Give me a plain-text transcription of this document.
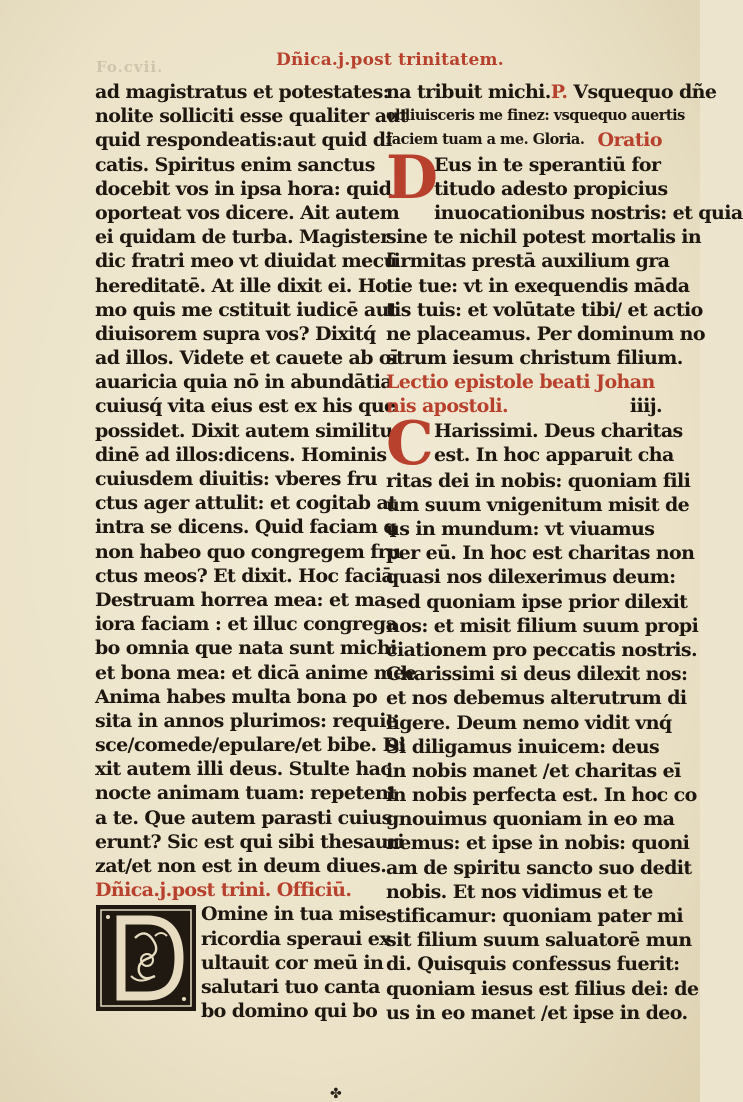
Fo.cvii.	Dñica.j.post trinitatem.
ad magistratus et potestates:
nolite solliciti esse qualiter aut
quid respondeatis:aut quid di
catis. Spiritus enim sanctus
docebit vos in ipsa hora: quid
oporteat vos dicere. Ait autem
ei quidam de turba. Magister
dic fratri meo vt diuidat mecū
hereditatē. At ille dixit ei. Ho
mo quis me cstituit iudicē aut
diuisorem supra vos? Dixitq́
ad illos. Videte et cauete ab oī
auaricia quia nō in abundātia
cuiusq́ vita eius est ex his que
possidet. Dixit autem similitu
dinē ad illos:dicens. Hominis
cuiusdem diuitis: vberes fru
ctus ager attulit: et cogitab at
intra se dicens. Quid faciam q
non habeo quo congregem fru
ctus meos? Et dixit. Hoc faciā
Destruam horrea mea: et ma
iora faciam : et illuc congrega
bo omnia que nata sunt michi
et bona mea: et dicā anime mee
Anima habes multa bona po
sita in annos plurimos: requie
sce/comede/epulare/et bibe. Di
xit autem illi deus. Stulte hac
nocte animam tuam: repetent
a te. Que autem parasti cuius
erunt? Sic est qui sibi thesauri
zat/et non est in deum diues.
Dñica.j.post trini. Officiū.
Omine in tua mise
ricordia speraui ex
ultauit cor meū in
salutari tuo canta
bo domino qui bo
na tribuit michi.P. Vsquequo dñe
obliuisceris me finez: vsquequo auertis
faciem tuam a me. Gloria. Oratio
D
Eus in te sperantiū for
titudo adesto propicius
inuocationibus nostris: et quia
sine te nichil potest mortalis in
firmitas prestā auxilium gra
tie tue: vt in exequendis māda
tis tuis: et volūtate tibi/ et actio
ne placeamus. Per dominum no
strum iesum christum filium.
Lectio epistole beati Johan
nis apostoli.	iiij.
C Harissimi. Deus charitas
est. In hoc apparuit cha
ritas dei in nobis: quoniam fili
um suum vnigenitum misit de
us in mundum: vt viuamus
per eū. In hoc est charitas non
quasi nos dilexerimus deum:
sed quoniam ipse prior dilexit
nos: et misit filium suum propi
ciationem pro peccatis nostris.
Charissimi si deus dilexit nos:
et nos debemus alterutrum di
ligere. Deum nemo vidit vnq́
Si diligamus inuicem: deus
in nobis manet /et charitas eī
in nobis perfecta est. In hoc co
gnouimus quoniam in eo ma
nemus: et ipse in nobis: quoni
am de spiritu sancto suo dedit
nobis. Et nos vidimus et te
stificamur: quoniam pater mi
sit filium suum saluatorē mun
di. Quisquis confessus fuerit:
quoniam iesus est filius dei: de
us in eo manet /et ipse in deo.
✤
